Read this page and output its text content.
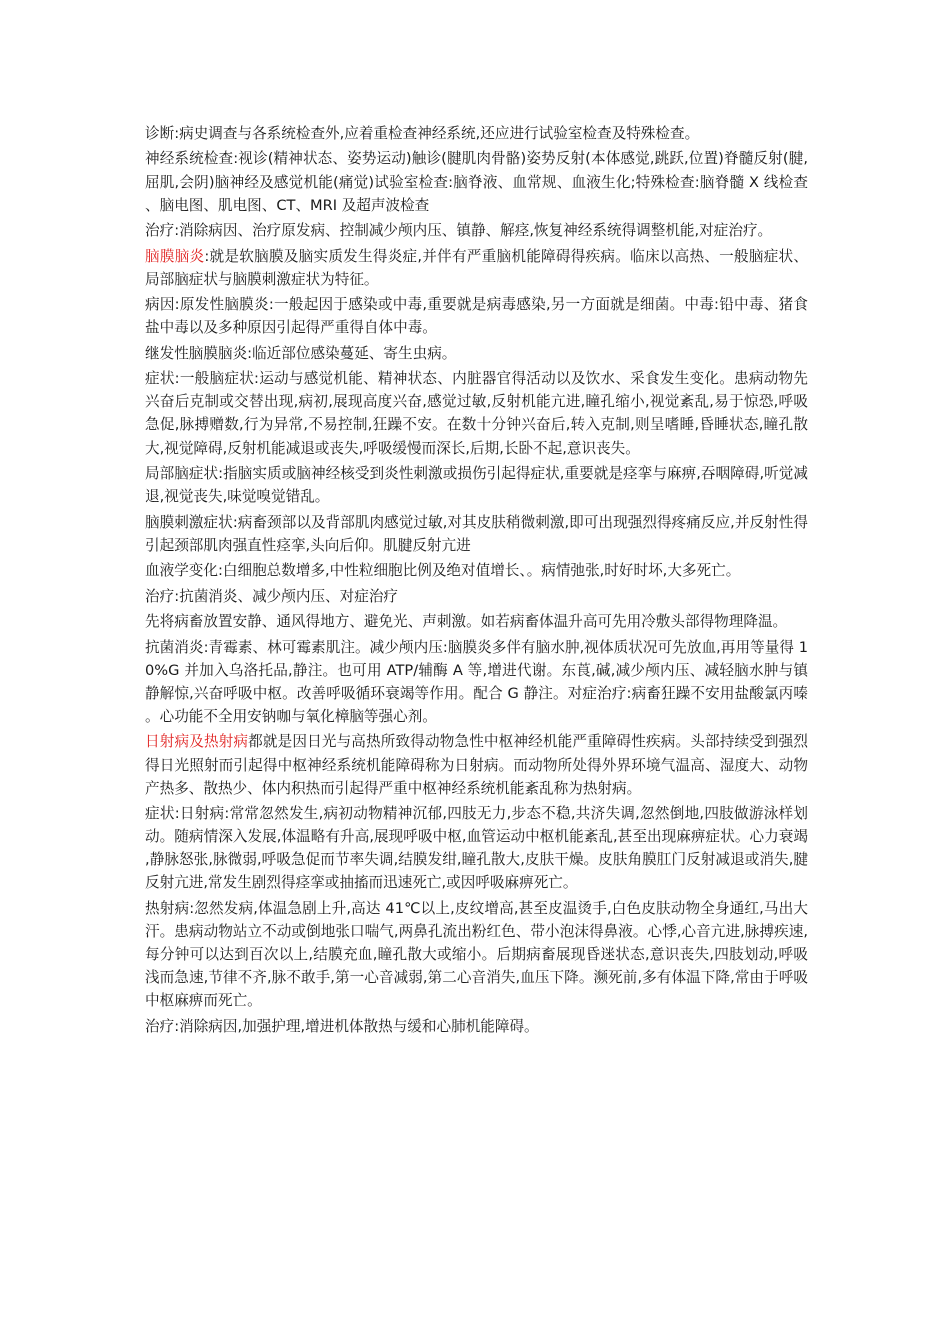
诊断:病史调查与各系统检查外,应着重检查神经系统,还应进行试验室检查及特殊检查。

神经系统检查:视诊(精神状态、姿势运动)触诊(腱肌肉骨骼)姿势反射(本体感觉,跳跃,位置)脊髓反射(腱,屈肌,会阴)脑神经及感觉机能(痛觉)试验室检查:脑脊液、血常规、血液生化;特殊检查:脑脊髓 X 线检查、脑电图、肌电图、CT、MRI 及超声波检查

治疗:消除病因、治疗原发病、控制减少颅内压、镇静、解痉,恢复神经系统得调整机能,对症治疗。

脑膜脑炎:就是软脑膜及脑实质发生得炎症,并伴有严重脑机能障碍得疾病。临床以高热、一般脑症状、局部脑症状与脑膜刺激症状为特征。

病因:原发性脑膜炎:一般起因于感染或中毒,重要就是病毒感染,另一方面就是细菌。中毒:铅中毒、猪食盐中毒以及多种原因引起得严重得自体中毒。

继发性脑膜脑炎:临近部位感染蔓延、寄生虫病。

症状:一般脑症状:运动与感觉机能、精神状态、内脏器官得活动以及饮水、采食发生变化。患病动物先兴奋后克制或交替出现,病初,展现高度兴奋,感觉过敏,反射机能亢进,瞳孔缩小,视觉紊乱,易于惊恐,呼吸急促,脉搏赠数,行为异常,不易控制,狂躁不安。在数十分钟兴奋后,转入克制,则呈嗜睡,昏睡状态,瞳孔散大,视觉障碍,反射机能减退或丧失,呼吸缓慢而深长,后期,长卧不起,意识丧失。

局部脑症状:指脑实质或脑神经核受到炎性刺激或损伤引起得症状,重要就是痉挛与麻痹,吞咽障碍,听觉减退,视觉丧失,味觉嗅觉错乱。

脑膜刺激症状:病畜颈部以及背部肌肉感觉过敏,对其皮肤稍微刺激,即可出现强烈得疼痛反应,并反射性得引起颈部肌肉强直性痉挛,头向后仰。肌腱反射亢进

血液学变化:白细胞总数增多,中性粒细胞比例及绝对值增长、。病情弛张,时好时坏,大多死亡。

治疗:抗菌消炎、减少颅内压、对症治疗

先将病畜放置安静、通风得地方、避免光、声刺激。如若病畜体温升高可先用冷敷头部得物理降温。

抗菌消炎:青霉素、林可霉素肌注。减少颅内压:脑膜炎多伴有脑水肿,视体质状况可先放血,再用等量得 10%G 并加入乌洛托品,静注。也可用 ATP/辅酶 A 等,增进代谢。东莨,碱,减少颅内压、减轻脑水肿与镇静解惊,兴奋呼吸中枢。改善呼吸循环衰竭等作用。配合 G 静注。对症治疗:病畜狂躁不安用盐酸氯丙嗪。心功能不全用安钠咖与氧化樟脑等强心剂。

日射病及热射病都就是因日光与高热所致得动物急性中枢神经机能严重障碍性疾病。头部持续受到强烈得日光照射而引起得中枢神经系统机能障碍称为日射病。而动物所处得外界环境气温高、湿度大、动物产热多、散热少、体内积热而引起得严重中枢神经系统机能紊乱称为热射病。

症状:日射病:常常忽然发生,病初动物精神沉郁,四肢无力,步态不稳,共济失调,忽然倒地,四肢做游泳样划动。随病情深入发展,体温略有升高,展现呼吸中枢,血管运动中枢机能紊乱,甚至出现麻痹症状。心力衰竭,静脉怒张,脉微弱,呼吸急促而节率失调,结膜发绀,瞳孔散大,皮肤干燥。皮肤角膜肛门反射减退或消失,腱反射亢进,常发生剧烈得痉挛或抽搐而迅速死亡,或因呼吸麻痹死亡。

热射病:忽然发病,体温急剧上升,高达 41℃以上,皮纹增高,甚至皮温烫手,白色皮肤动物全身通红,马出大汗。患病动物站立不动或倒地张口喘气,两鼻孔流出粉红色、带小泡沫得鼻液。心悸,心音亢进,脉搏疾速,每分钟可以达到百次以上,结膜充血,瞳孔散大或缩小。后期病畜展现昏迷状态,意识丧失,四肢划动,呼吸浅而急速,节律不齐,脉不敢手,第一心音减弱,第二心音消失,血压下降。濒死前,多有体温下降,常由于呼吸中枢麻痹而死亡。

治疗:消除病因,加强护理,增进机体散热与缓和心肺机能障碍。
